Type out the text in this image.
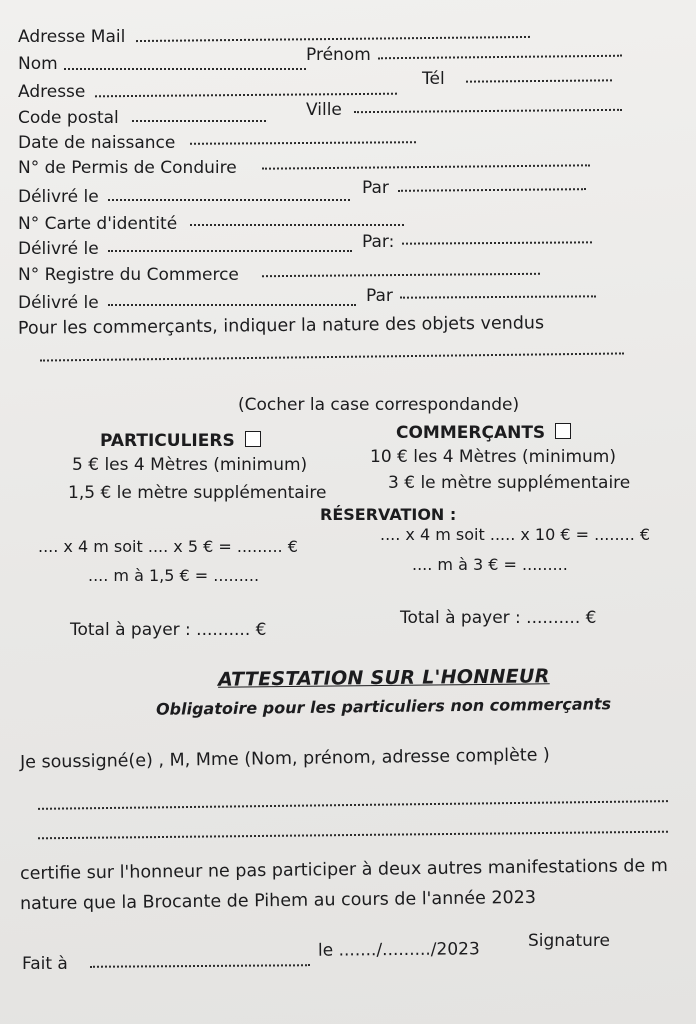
Adresse Mail
Nom	Prénom
Adresse
Tél
Code postal	Ville
Date de naissance
N° de Permis de Conduire
Délivré le	Par
N° Carte d'identité
Délivré le	Par:
N° Registre du Commerce
Délivré le	Par
Pour les commerçants, indiquer la nature des objets vendus
(Cocher la case correspondande)
PARTICULIERS
5 € les 4 Mètres (minimum)
1,5 € le mètre supplémentaire
COMMERÇANTS
10 € les 4 Mètres (minimum)
3 € le mètre supplémentaire
RÉSERVATION :
.... x 4 m soit .... x 5 € = ......... €
.... m à 1,5 € = .........
.... x 4 m soit ..... x 10 € = ........ €
.... m à 3 € = .........
Total à payer : .......... €
Total à payer : .......... €
ATTESTATION SUR L'HONNEUR
Obligatoire pour les particuliers non commerçants
Je soussigné(e) , M, Mme (Nom, prénom, adresse complète )
certifie sur l'honneur ne pas participer à deux autres manifestations de m
nature que la Brocante de Pihem au cours de l'année 2023
Fait à
le ......./........./2023	Signature
